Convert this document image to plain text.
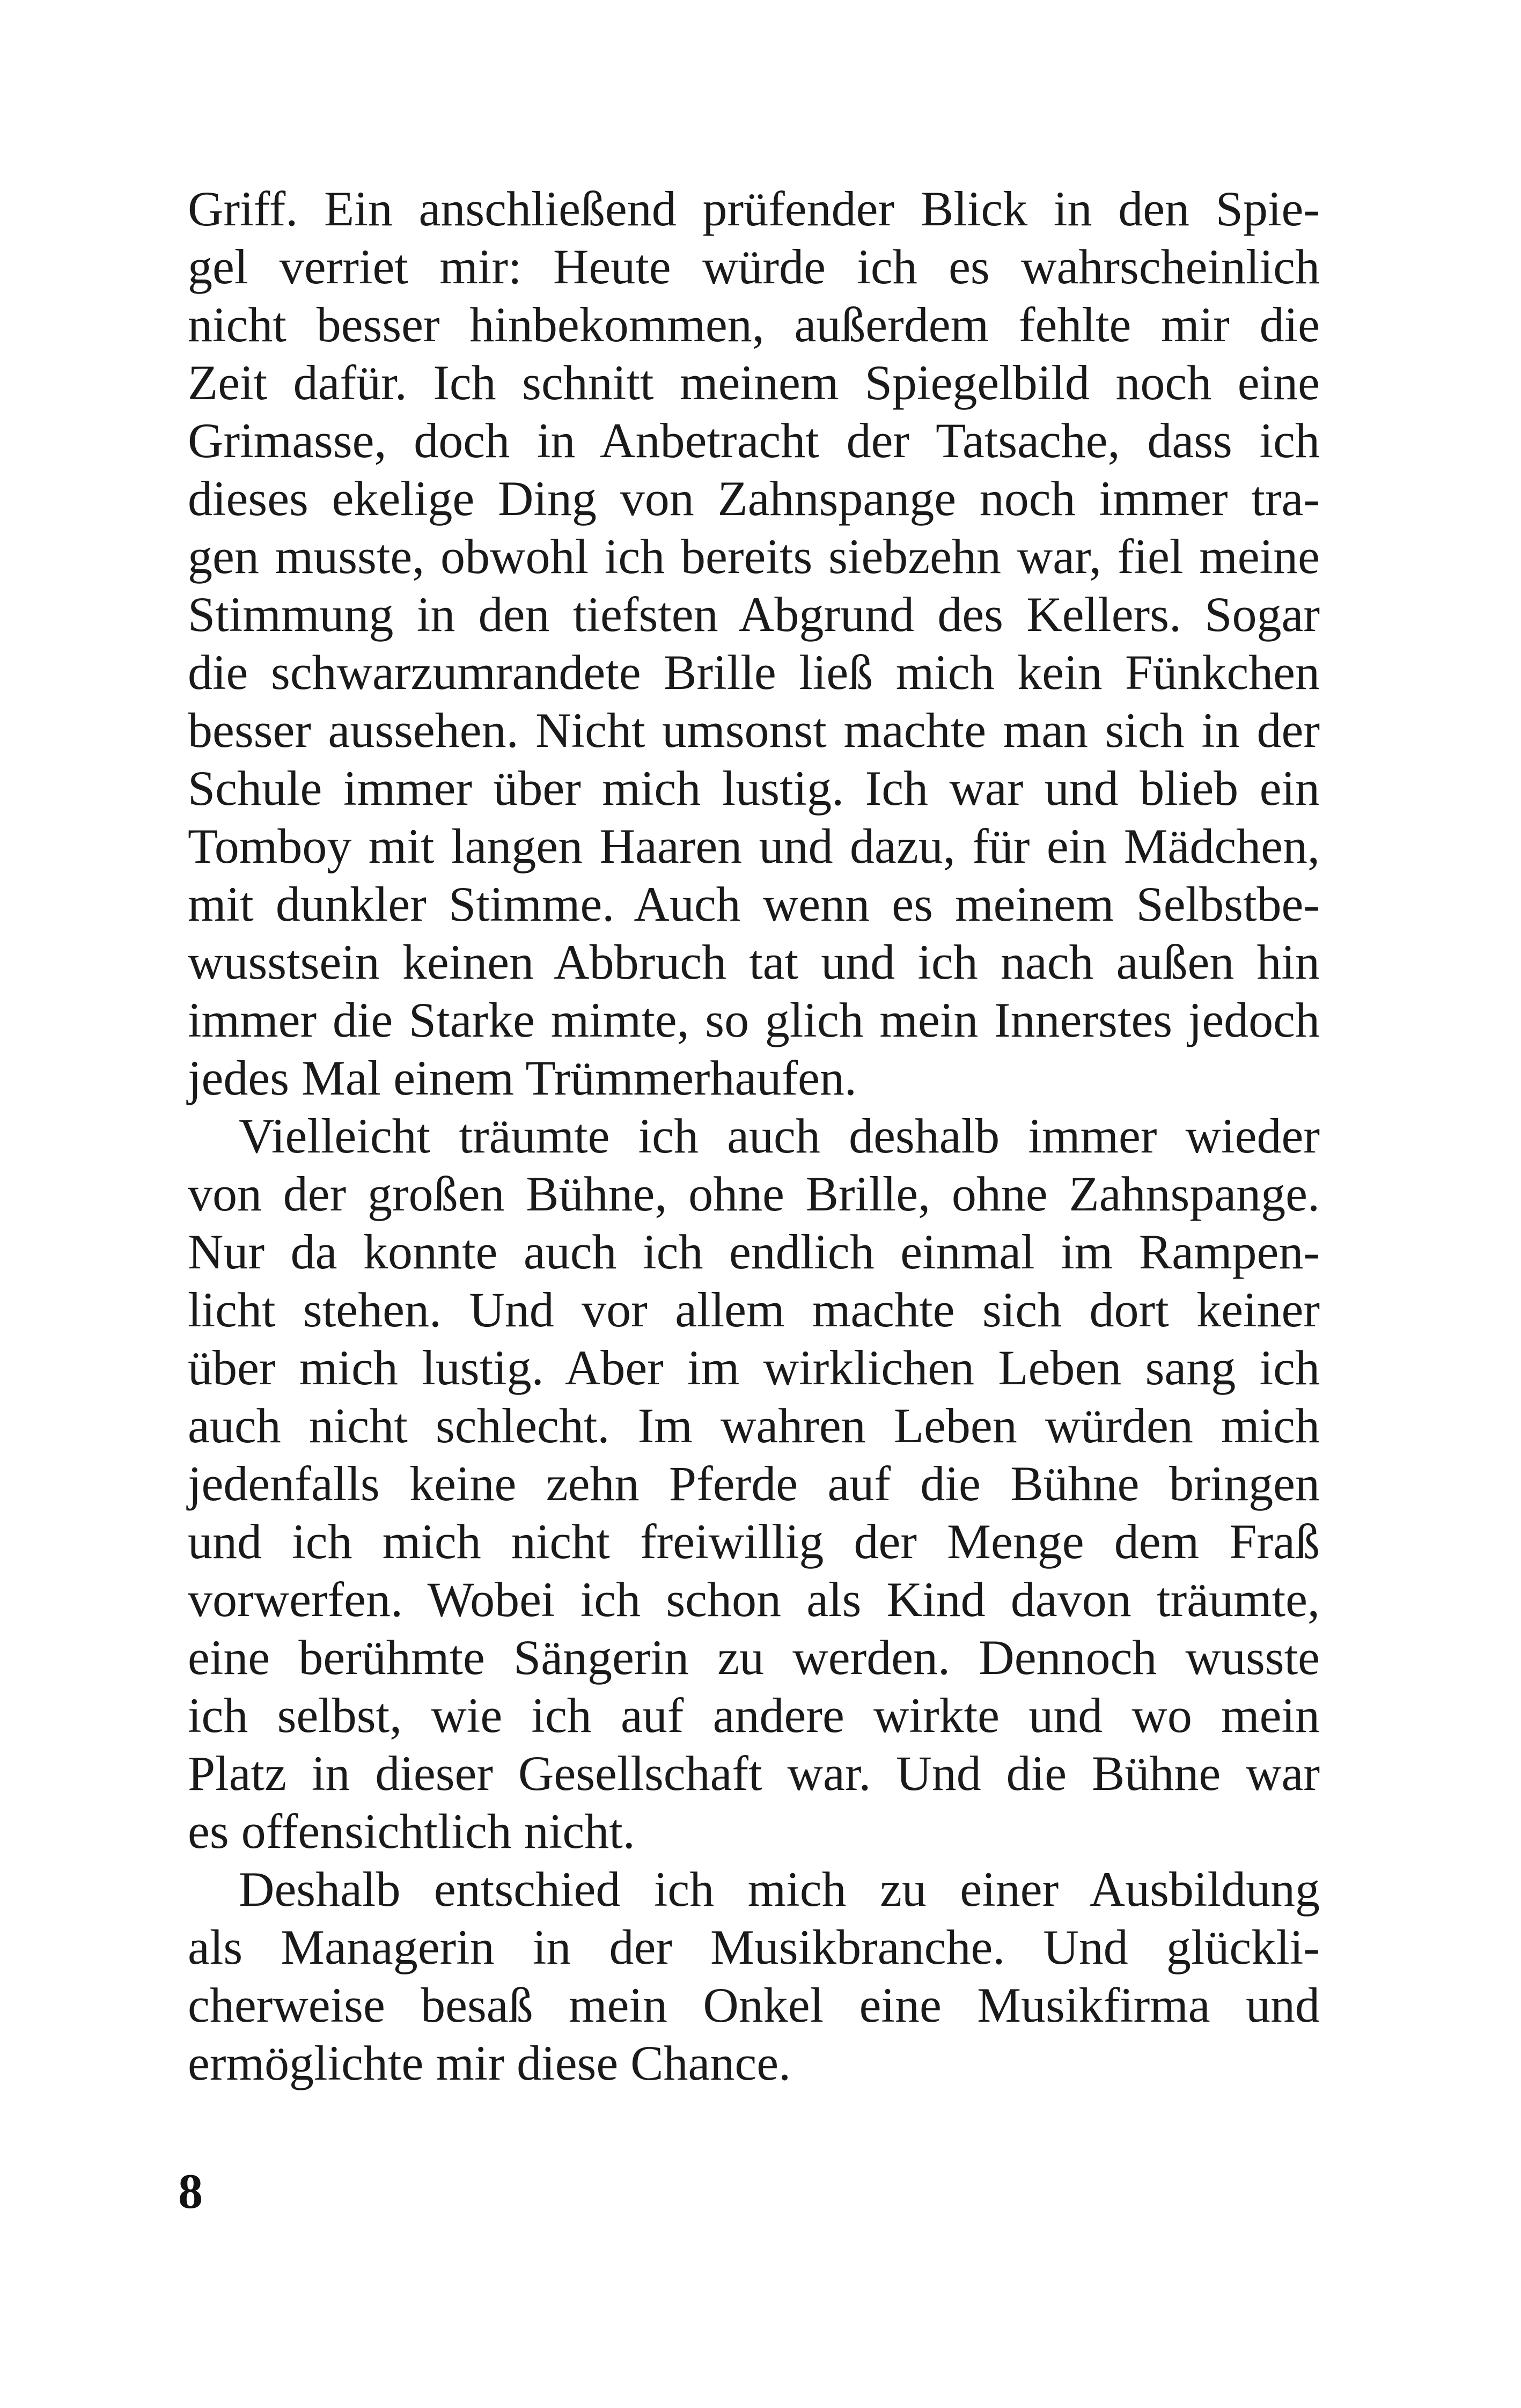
Griff. Ein anschließend prüfender Blick in den Spie-
gel verriet mir: Heute würde ich es wahrscheinlich
nicht besser hinbekommen, außerdem fehlte mir die
Zeit dafür. Ich schnitt meinem Spiegelbild noch eine
Grimasse, doch in Anbetracht der Tatsache, dass ich
dieses ekelige Ding von Zahnspange noch immer tra-
gen musste, obwohl ich bereits siebzehn war, fiel meine
Stimmung in den tiefsten Abgrund des Kellers. Sogar
die schwarzumrandete Brille ließ mich kein Fünkchen
besser aussehen. Nicht umsonst machte man sich in der
Schule immer über mich lustig. Ich war und blieb ein
Tomboy mit langen Haaren und dazu, für ein Mädchen,
mit dunkler Stimme. Auch wenn es meinem Selbstbe-
wusstsein keinen Abbruch tat und ich nach außen hin
immer die Starke mimte, so glich mein Innerstes jedoch
jedes Mal einem Trümmerhaufen.
Vielleicht träumte ich auch deshalb immer wieder
von der großen Bühne, ohne Brille, ohne Zahnspange.
Nur da konnte auch ich endlich einmal im Rampen-
licht stehen. Und vor allem machte sich dort keiner
über mich lustig. Aber im wirklichen Leben sang ich
auch nicht schlecht. Im wahren Leben würden mich
jedenfalls keine zehn Pferde auf die Bühne bringen
und ich mich nicht freiwillig der Menge dem Fraß
vorwerfen. Wobei ich schon als Kind davon träumte,
eine berühmte Sängerin zu werden. Dennoch wusste
ich selbst, wie ich auf andere wirkte und wo mein
Platz in dieser Gesellschaft war. Und die Bühne war
es offensichtlich nicht.
Deshalb entschied ich mich zu einer Ausbildung
als Managerin in der Musikbranche. Und glückli-
cherweise besaß mein Onkel eine Musikfirma und
ermöglichte mir diese Chance.
8
